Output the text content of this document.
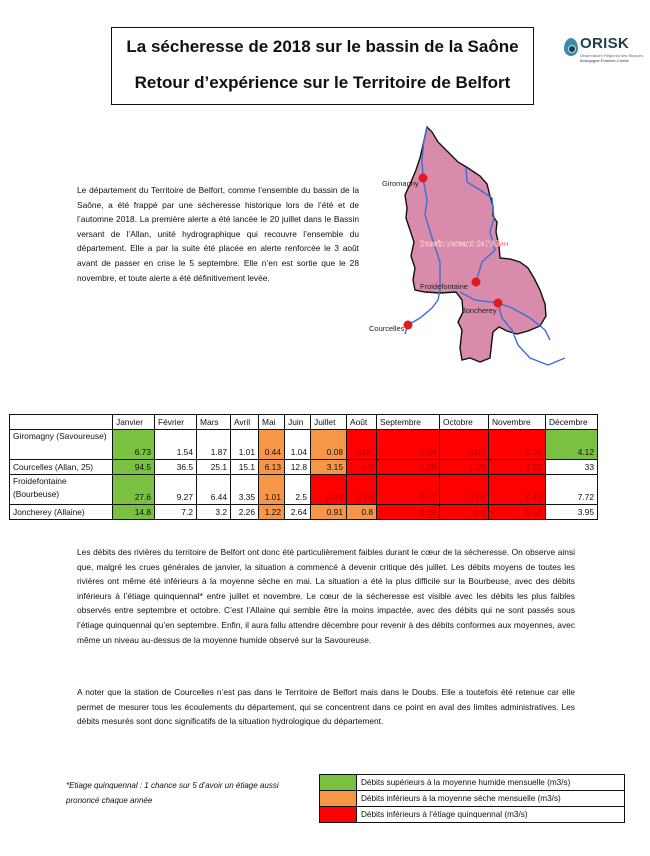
La sécheresse de 2018 sur le bassin de la Saône
Retour d’expérience sur le Territoire de Belfort
ORISK
Observatoire Régional des Risques
Bourgogne-Franche-Comté

Le département du Territoire de Belfort, comme l’ensemble du bassin de la Saône, a été frappé par une sécheresse historique lors de l’été et de l’automne 2018. La première alerte a été lancée le 20 juillet dans le Bassin versant de l’Allan, unité hydrographique qui recouvre l’ensemble du département. Elle a par la suite été placée en alerte renforcée le 3 août avant de passer en crise le 5 septembre. Elle n’en est sortie que le 28 novembre, et toute alerte a été définitivement levée.

Giromagny
Froidefontaine
Joncherey
Courcelles
Bassin versant de l'Allan
	Janvier	Février	Mars	Avril	Mai	Juin	Juillet	Août	Septembre	Octobre	Novembre	Décembre
Giromagny (Savoureuse)	6.73	1.54	1.87	1.01	0.44	1.04	0.08	0.04	0.04	0.03	0.06	4.12
Courcelles (Allan, 25)	94.5	36.5	25.1	15.1	6.13	12.8	3.15	1.6	1.26	1.19	1.52	33
Froidefontaine (Bourbeuse)	27.6	9.27	6.44	3.35	1.01	2.5	0.33	0.16	0.17	0.18	0.43	7.72
Joncherey (Allaine)	14.8	7.2	3.2	2.26	1.22	2.64	0.91	0.8	0.39	0.4	0.56	3.95

Les débits des rivières du territoire de Belfort ont donc été particulièrement faibles durant le cœur de la sécheresse. On observe ainsi que, malgré les crues générales de janvier, la situation a commencé à devenir critique dès juillet. Les débits moyens de toutes les rivières ont même été inférieurs à la moyenne sèche en mai. La situation a été la plus difficile sur la Bourbeuse, avec des débits inférieurs à l’étiage quinquennal* entre juillet et novembre. Le cœur de la sécheresse est visible avec les débits les plus faibles observés entre septembre et octobre. C’est l’Allaine qui semble être la moins impactée, avec des débits qui ne sont passés sous l’étiage quinquennal qu’en septembre. Enfin, il aura fallu attendre décembre pour revenir à des débits conformes aux moyennes, avec même un niveau au-dessus de la moyenne humide observé sur la Savoureuse.

A noter que la station de Courcelles n’est pas dans le Territoire de Belfort mais dans le Doubs. Elle a toutefois été retenue car elle permet de mesurer tous les écoulements du département, qui se concentrent dans ce point en aval des limites administratives. Les débits mesurés sont donc significatifs de la situation hydrologique du département.

*Etiage quinquennal : 1 chance sur 5 d’avoir un étiage aussi prononcé chaque année

	Débits supérieurs à la moyenne humide mensuelle (m3/s)
	Débits inférieurs à la moyenne sèche mensuelle (m3/s)
	Débits inférieurs à l’étiage quinquennal (m3/s)
